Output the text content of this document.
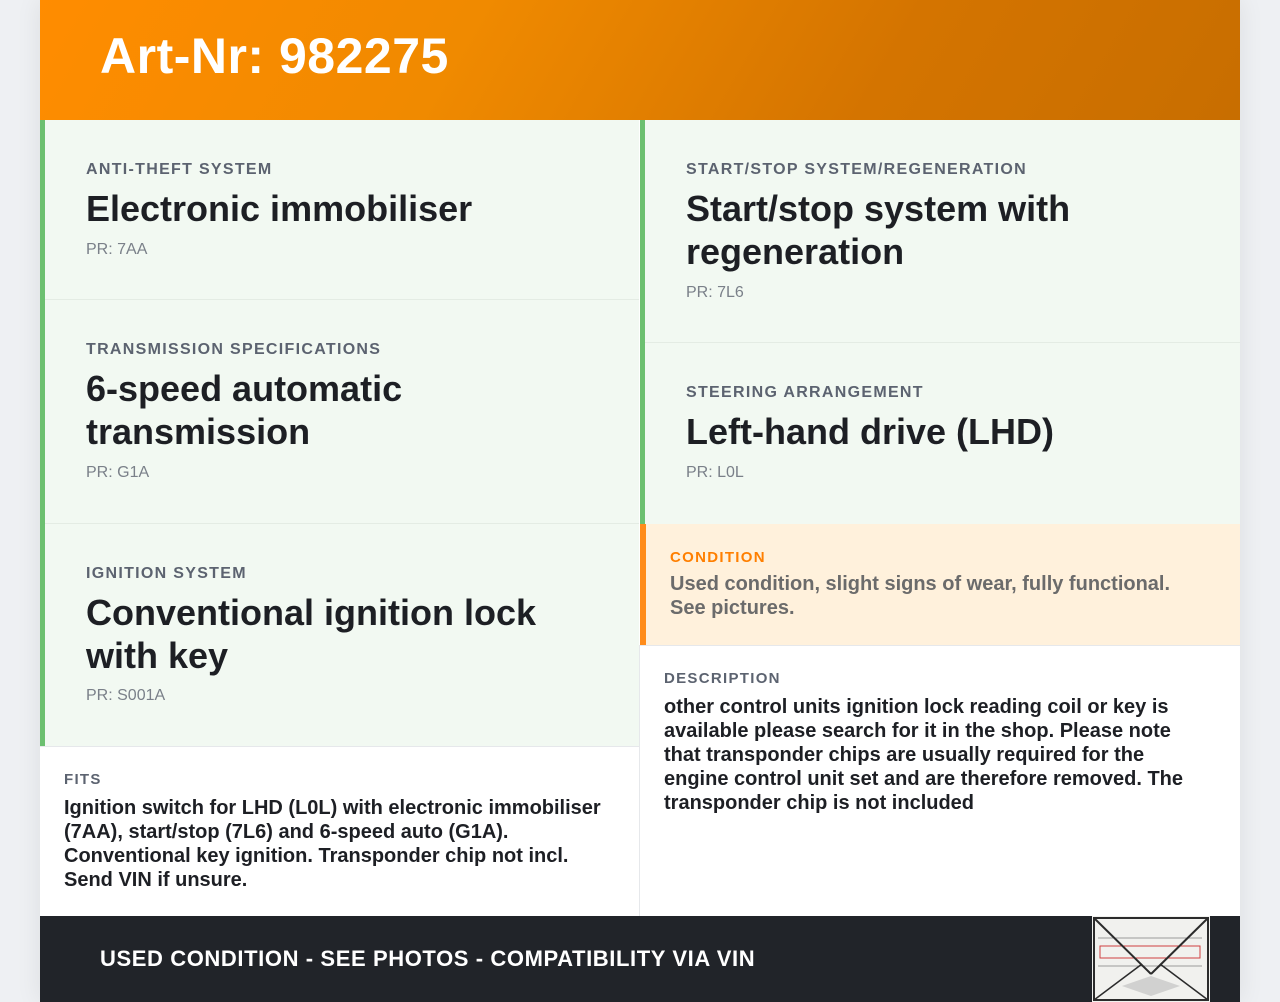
Art-Nr: 982275
ANTI-THEFT SYSTEM
Electronic immobiliser
PR: 7AA
START/STOP SYSTEM/REGENERATION
Start/stop system with regeneration
PR: 7L6
TRANSMISSION SPECIFICATIONS
6-speed automatic transmission
PR: G1A
STEERING ARRANGEMENT
Left-hand drive (LHD)
PR: L0L
IGNITION SYSTEM
Conventional ignition lock with key
PR: S001A
CONDITION
Used condition, slight signs of wear, fully functional. See pictures.
DESCRIPTION
other control units ignition lock reading coil or key is available please search for it in the shop. Please note that transponder chips are usually required for the engine control unit set and are therefore removed. The transponder chip is not included
FITS
Ignition switch for LHD (L0L) with electronic immobiliser (7AA), start/stop (7L6) and 6-speed auto (G1A). Conventional key ignition. Transponder chip not incl. Send VIN if unsure.
USED CONDITION - SEE PHOTOS - COMPATIBILITY VIA VIN
